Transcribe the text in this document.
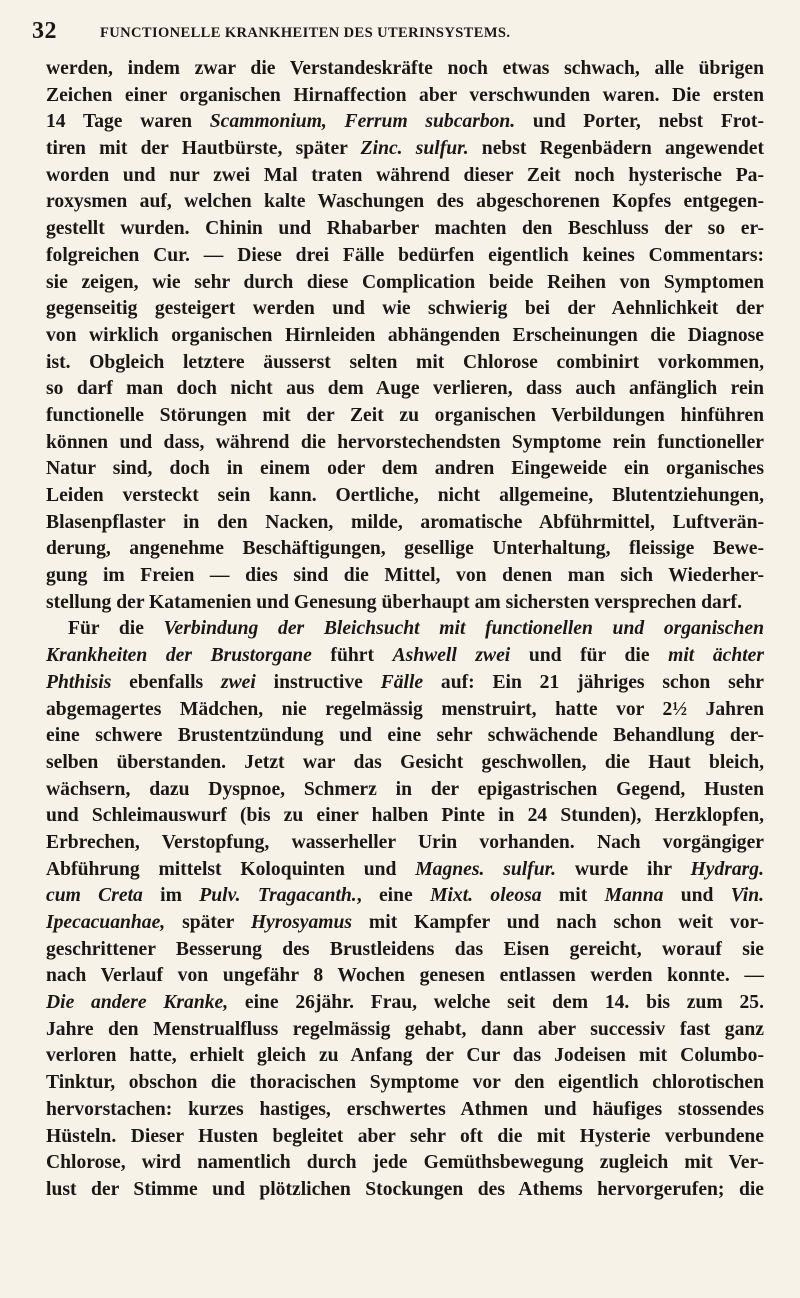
32	FUNCTIONELLE KRANKHEITEN DES UTERINSYSTEMS.
werden, indem zwar die Verstandeskräfte noch etwas schwach, alle übrigen
Zeichen einer organischen Hirnaffection aber verschwunden waren. Die ersten
14 Tage waren Scammonium, Ferrum subcarbon. und Porter, nebst Frot-
tiren mit der Hautbürste, später Zinc. sulfur. nebst Regenbädern angewendet
worden und nur zwei Mal traten während dieser Zeit noch hysterische Pa-
roxysmen auf, welchen kalte Waschungen des abgeschorenen Kopfes entgegen-
gestellt wurden. Chinin und Rhabarber machten den Beschluss der so er-
folgreichen Cur. — Diese drei Fälle bedürfen eigentlich keines Commentars:
sie zeigen, wie sehr durch diese Complication beide Reihen von Symptomen
gegenseitig gesteigert werden und wie schwierig bei der Aehnlichkeit der
von wirklich organischen Hirnleiden abhängenden Erscheinungen die Diagnose
ist. Obgleich letztere äusserst selten mit Chlorose combinirt vorkommen,
so darf man doch nicht aus dem Auge verlieren, dass auch anfänglich rein
functionelle Störungen mit der Zeit zu organischen Verbildungen hinführen
können und dass, während die hervorstechendsten Symptome rein functioneller
Natur sind, doch in einem oder dem andren Eingeweide ein organisches
Leiden versteckt sein kann. Oertliche, nicht allgemeine, Blutentziehungen,
Blasenpflaster in den Nacken, milde, aromatische Abführmittel, Luftverän-
derung, angenehme Beschäftigungen, gesellige Unterhaltung, fleissige Bewe-
gung im Freien — dies sind die Mittel, von denen man sich Wiederher-
stellung der Katamenien und Genesung überhaupt am sichersten versprechen darf.
Für die Verbindung der Bleichsucht mit functionellen und organischen
Krankheiten der Brustorgane führt Ashwell zwei und für die mit ächter
Phthisis ebenfalls zwei instructive Fälle auf: Ein 21 jähriges schon sehr
abgemagertes Mädchen, nie regelmässig menstruirt, hatte vor 2½ Jahren
eine schwere Brustentzündung und eine sehr schwächende Behandlung der-
selben überstanden. Jetzt war das Gesicht geschwollen, die Haut bleich,
wächsern, dazu Dyspnoe, Schmerz in der epigastrischen Gegend, Husten
und Schleimauswurf (bis zu einer halben Pinte in 24 Stunden), Herzklopfen,
Erbrechen, Verstopfung, wasserheller Urin vorhanden. Nach vorgängiger
Abführung mittelst Koloquinten und Magnes. sulfur. wurde ihr Hydrarg.
cum Creta im Pulv. Tragacanth., eine Mixt. oleosa mit Manna und Vin.
Ipecacuanhae, später Hyrosyamus mit Kampfer und nach schon weit vor-
geschrittener Besserung des Brustleidens das Eisen gereicht, worauf sie
nach Verlauf von ungefähr 8 Wochen genesen entlassen werden konnte. —
Die andere Kranke, eine 26jähr. Frau, welche seit dem 14. bis zum 25.
Jahre den Menstrualfluss regelmässig gehabt, dann aber successiv fast ganz
verloren hatte, erhielt gleich zu Anfang der Cur das Jodeisen mit Columbo-
Tinktur, obschon die thoracischen Symptome vor den eigentlich chlorotischen
hervorstachen: kurzes hastiges, erschwertes Athmen und häufiges stossendes
Hüsteln. Dieser Husten begleitet aber sehr oft die mit Hysterie verbundene
Chlorose, wird namentlich durch jede Gemüthsbewegung zugleich mit Ver-
lust der Stimme und plötzlichen Stockungen des Athems hervorgerufen; die
